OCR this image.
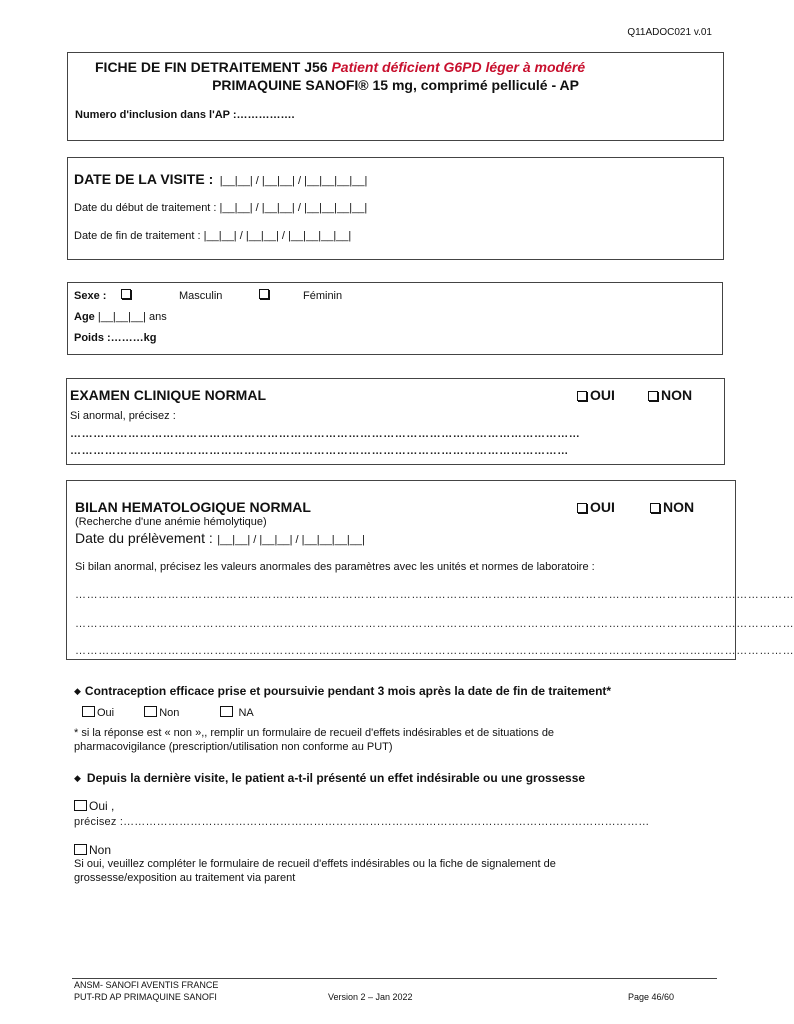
Q11ADOC021 v.01
FICHE DE FIN DETRAITEMENT J56 Patient déficient G6PD léger à modéré
PRIMAQUINE SANOFI® 15 mg, comprimé pelliculé - AP
Numero d'inclusion dans l'AP :…………….
DATE DE LA VISITE : |__|__| / |__|__| / |__|__|__|__|
Date du début de traitement : |__|__| / |__|__| / |__|__|__|__|
Date de fin de traitement : |__|__| / |__|__| / |__|__|__|__|
Sexe :	Masculin	Féminin
Age |__|__|__| ans
Poids :………kg
EXAMEN CLINIQUE NORMAL	OUI	NON
Si anormal, précisez :
……………………………………………………………………………………………………………………
…………………………………………………………………………………………………………………
BILAN HEMATOLOGIQUE NORMAL	OUI	NON
(Recherche d'une anémie hémolytique)
Date du prélèvement : |__|__| / |__|__| / |__|__|__|__|
Si bilan anormal, précisez les valeurs anormales des paramètres avec les unités et normes de laboratoire :
……………………………………………………………………………………………………………………………………………………………………
……………………………………………………………………………………………………………………………………………………………………
……………………………………………………………………………………………………………………………………………………………………
◆ Contraception efficace prise et poursuivie pendant 3 mois après la date de fin de traitement*
Oui	Non	NA
* si la réponse est « non »,, remplir un formulaire de recueil d'effets indésirables et de situations de
pharmacovigilance (prescription/utilisation non conforme au PUT)
◆ Depuis la dernière visite, le patient a-t-il présenté un effet indésirable ou une grossesse
Oui ,
précisez :……………………………………………………………………………………………………………………………
Non
Si oui, veuillez compléter le formulaire de recueil d'effets indésirables ou la fiche de signalement de
grossesse/exposition au traitement via parent
ANSM- SANOFI AVENTIS FRANCE
PUT-RD AP PRIMAQUINE SANOFI	Version 2 – Jan 2022	Page 46/60
